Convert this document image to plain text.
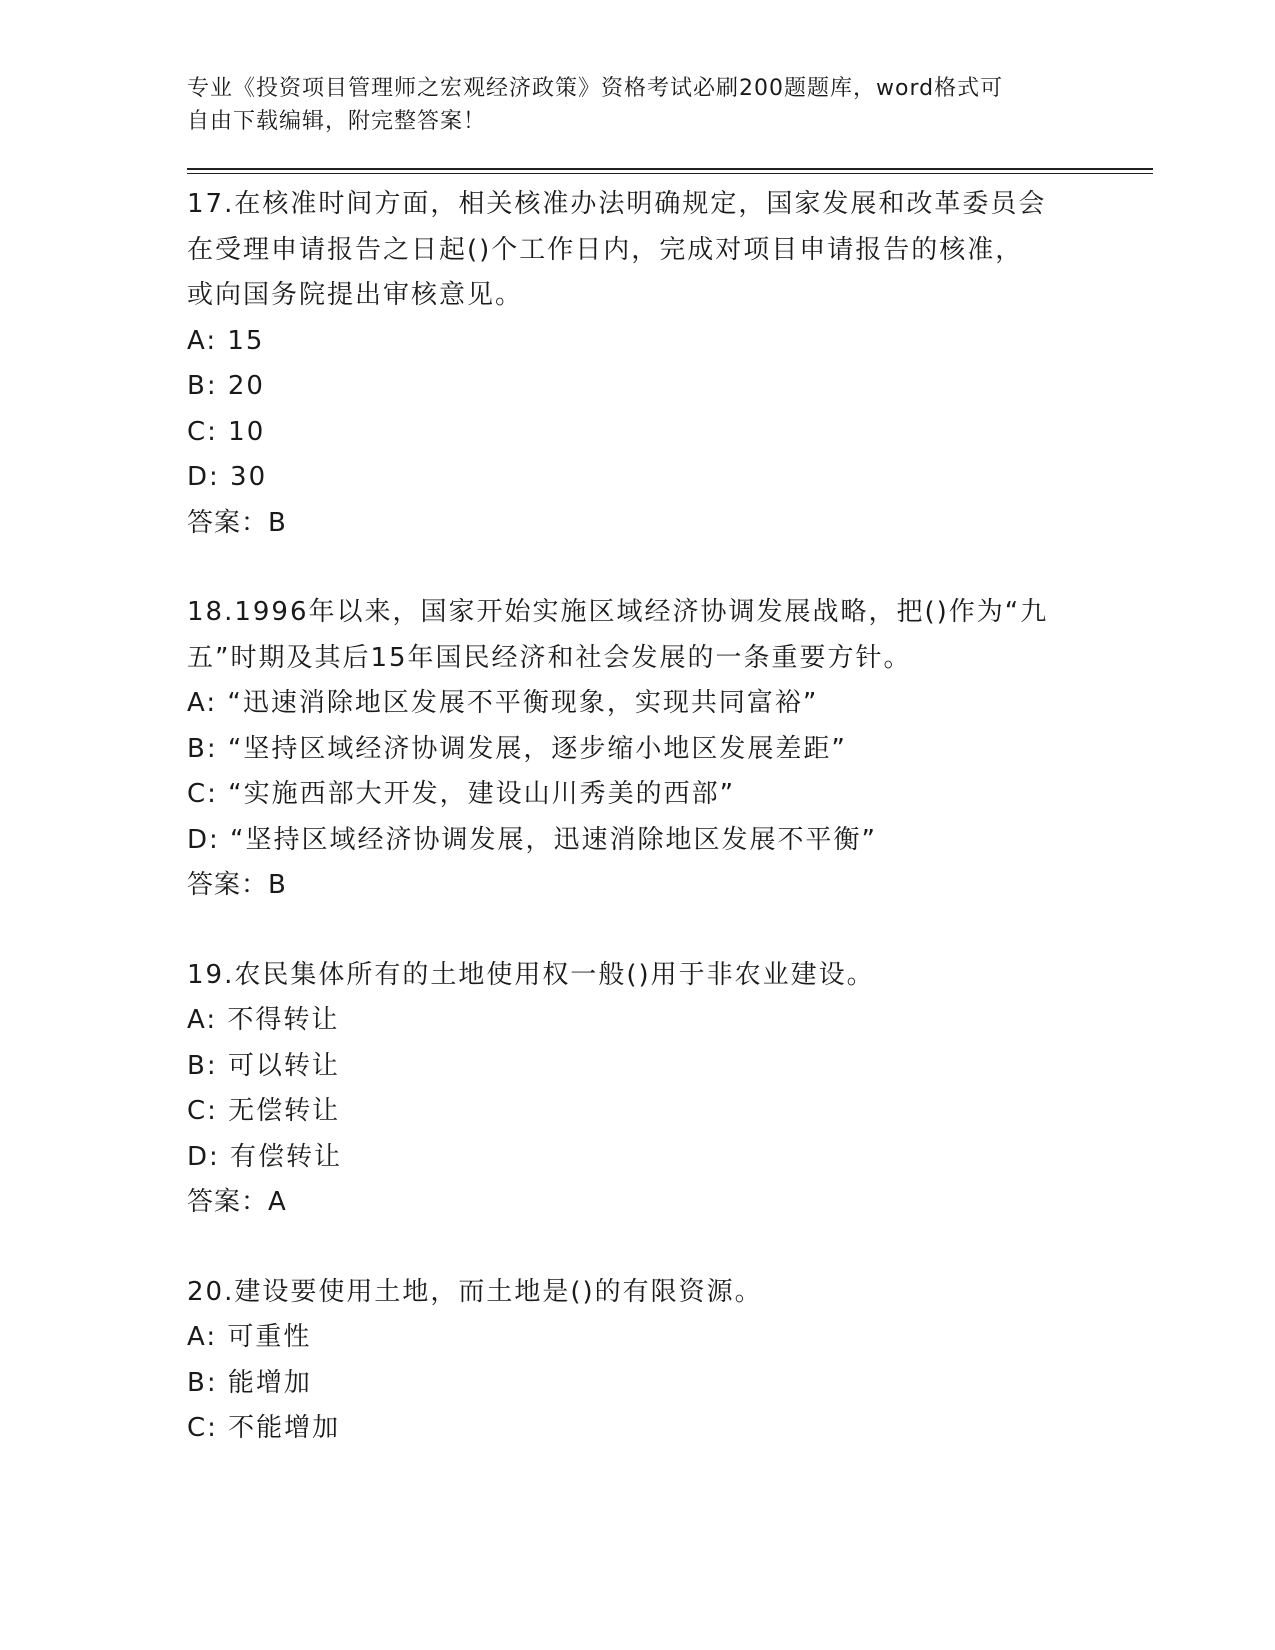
专业《投资项目管理师之宏观经济政策》资格考试必刷200题题库，word格式可

自由下载编辑，附完整答案！

17.在核准时间方面，相关核准办法明确规定，国家发展和改革委员会

在受理申请报告之日起()个工作日内，完成对项目申请报告的核准，

或向国务院提出审核意见。

A: 15

B: 20

C: 10

D: 30

答案：B

18.1996年以来，国家开始实施区域经济协调发展战略，把()作为“九

五”时期及其后15年国民经济和社会发展的一条重要方针。

A: “迅速消除地区发展不平衡现象，实现共同富裕”

B: “坚持区域经济协调发展，逐步缩小地区发展差距”

C: “实施西部大开发，建设山川秀美的西部”

D: “坚持区域经济协调发展，迅速消除地区发展不平衡”

答案：B

19.农民集体所有的土地使用权一般()用于非农业建设。

A: 不得转让

B: 可以转让

C: 无偿转让

D: 有偿转让

答案：A

20.建设要使用土地，而土地是()的有限资源。

A: 可重性

B: 能增加

C: 不能增加
